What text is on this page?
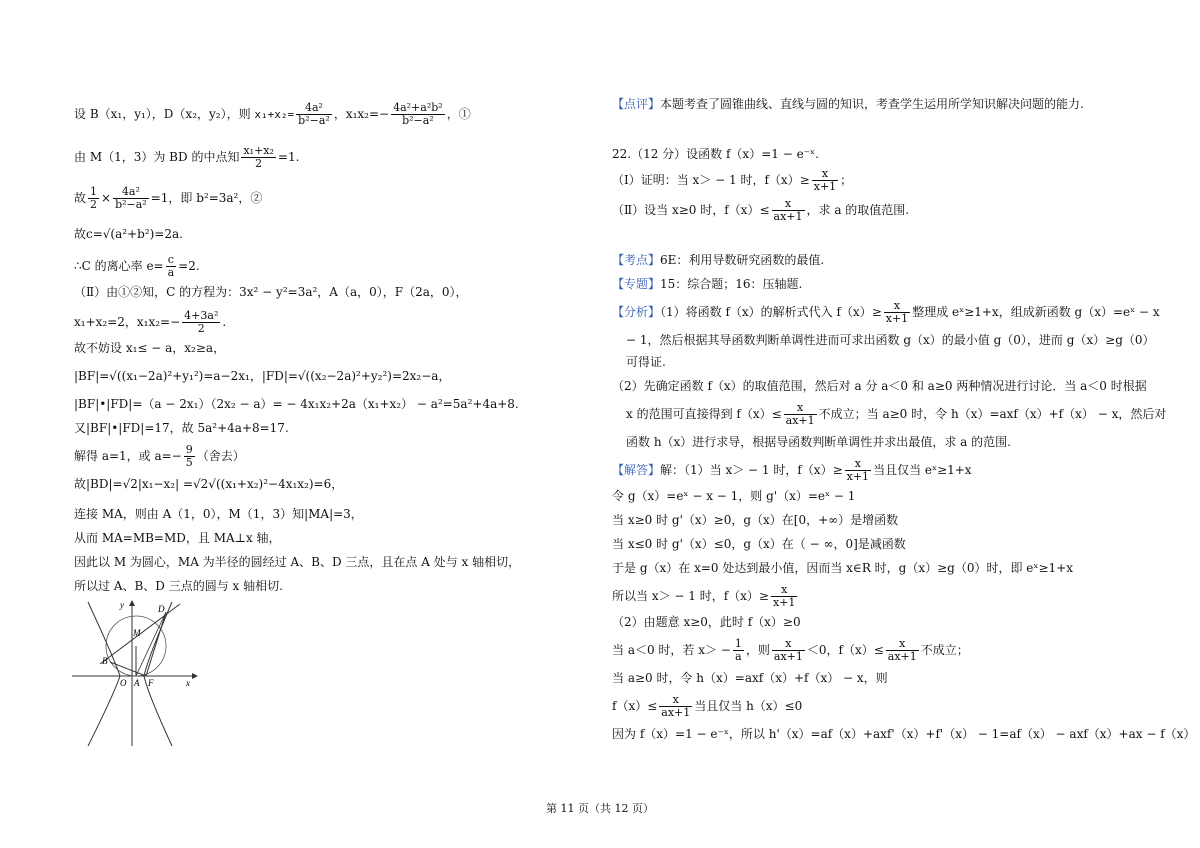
设 B（x₁，y₁），D（x₂，y₂），则 $x_1+x_2= \frac{\text{4a²}}{\text{b²−a²}}$ ，$x_1x_2=- \frac{\text{4a²+a²b²}}{\text{b²−a²}}$ ，①
由 M（1，3）为 BD 的中点知 $\frac{\text{x₁+x₂}}{2} =1$.
故 $\frac{1}{2} \times \frac{\text{4a²}}{\text{b²−a²}} =1$，即 b²=3a²，②
故c=√(a²+b²)=2a.
∴C 的离心率 $e= \frac{c}{a} =2$.
（Ⅱ）由①②知，C 的方程为：3x² − y²=3a²，A（a，0），F（2a，0），
x₁+x₂=2，$x_1x_2=- \frac{\text{4+3a²}}{2}$ .
故不妨设 x₁≤ − a，x₂≥a，
|BF|=√((x₁−2a)²+y₁²)=a−2x₁，|FD|=√((x₂−2a)²+y₂²)=2x₂−a，
|BF|•|FD|=（a − 2x₁）（2x₂ − a）= − 4x₁x₂+2a（x₁+x₂） − a²=5a²+4a+8.
又|BF|•|FD|=17，故 5a²+4a+8=17.
解得 a=1，或 $a=- \frac{9}{5}$ （舍去）
故|BD|=√2|x₁−x₂| =√2√((x₁+x₂)²−4x₁x₂)=6，
连接 MA，则由 A（1，0），M（1，3）知|MA|=3，
从而 MA=MB=MD，且 MA⊥x 轴，
因此以 M 为圆心，MA 为半径的圆经过 A、B、D 三点，且在点 A 处与 x 轴相切，
所以过 A、B、D 三点的圆与 x 轴相切.
y	D
M
B
O A F	x
【点评】本题考查了圆锥曲线、直线与圆的知识，考查学生运用所学知识解决问题的能力.
22.（12 分）设函数 f（x）=1 − e⁻ˣ.
（Ⅰ）证明：当 x＞ − 1 时，$f(x)\ge \frac{x}{x+1}$ ；
（Ⅱ）设当 x≥0 时，$f(x)\le \frac{x}{ax+1}$ ，求 a 的取值范围.
【考点】6E：利用导数研究函数的最值.
【专题】15：综合题；16：压轴题.
【分析】（1）将函数 f（x）的解析式代入 $f(x)\ge \frac{x}{x+1}$ 整理成 eˣ≥1+x，组成新函数 g（x）=eˣ − x
− 1，然后根据其导函数判断单调性进而可求出函数 g（x）的最小值 g（0），进而 g（x）≥g（0）
可得证.
（2）先确定函数 f（x）的取值范围，然后对 a 分 a＜0 和 a≥0 两种情况进行讨论．当 a＜0 时根据
x 的范围可直接得到 $f(x)\le \frac{x}{ax+1}$ 不成立；当 a≥0 时，令 h（x）=axf（x）+f（x） − x，然后对
函数 h（x）进行求导，根据导函数判断单调性并求出最值，求 a 的范围.
【解答】解：（1）当 x＞ − 1 时，$f(x)\ge \frac{x}{x+1}$ 当且仅当 eˣ≥1+x
令 g（x）=eˣ − x − 1，则 g'（x）=eˣ − 1
当 x≥0 时 g'（x）≥0，g（x）在[0，+∞）是增函数
当 x≤0 时 g'（x）≤0，g（x）在（ − ∞，0]是减函数
于是 g（x）在 x=0 处达到最小值，因而当 x∈R 时，g（x）≥g（0）时，即 eˣ≥1+x
所以当 x＞ − 1 时，$f(x)\ge \frac{x}{x+1}$
（2）由题意 x≥0，此时 f（x）≥0
当 a＜0 时，若 $x> - \frac{1}{a}$ ，则 $\frac{x}{ax+1} <0$，$f(x)\le \frac{x}{ax+1}$ 不成立；
当 a≥0 时，令 h（x）=axf（x）+f（x） − x，则
$f(x)\le \frac{x}{ax+1}$ 当且仅当 h（x）≤0
因为 f（x）=1 − e⁻ˣ，所以 h'（x）=af（x）+axf'（x）+f'（x） − 1=af（x） − axf（x）+ax − f（x）
第 11 页（共 12 页）
